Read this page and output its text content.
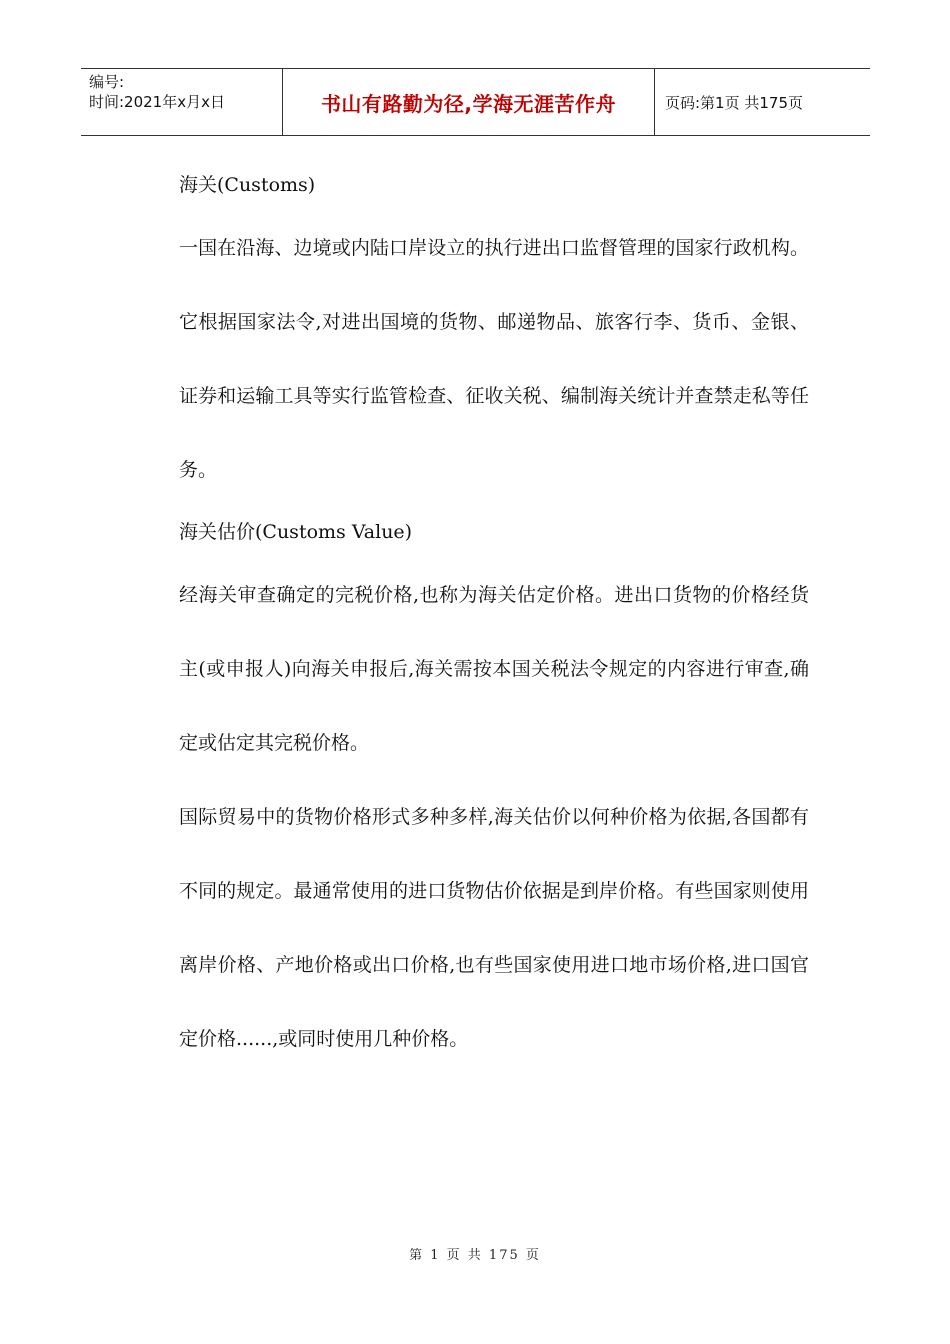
编号:
时间:2021年x月x日	书山有路勤为径,学海无涯苦作舟	页码:第1页 共175页
海关(Customs)

一国在沿海、边境或内陆口岸设立的执行进出口监督管理的国家行政机构。它根据国家法令,对进出国境的货物、邮递物品、旅客行李、货币、金银、证券和运输工具等实行监管检查、征收关税、编制海关统计并查禁走私等任务。

海关估价(Customs Value)

经海关审查确定的完税价格,也称为海关估定价格。进出口货物的价格经货主(或申报人)向海关申报后,海关需按本国关税法令规定的内容进行审查,确定或估定其完税价格。

国际贸易中的货物价格形式多种多样,海关估价以何种价格为依据,各国都有不同的规定。最通常使用的进口货物估价依据是到岸价格。有些国家则使用离岸价格、产地价格或出口价格,也有些国家使用进口地市场价格,进口国官定价格......,或同时使用几种价格。

第 1 页 共 175 页
